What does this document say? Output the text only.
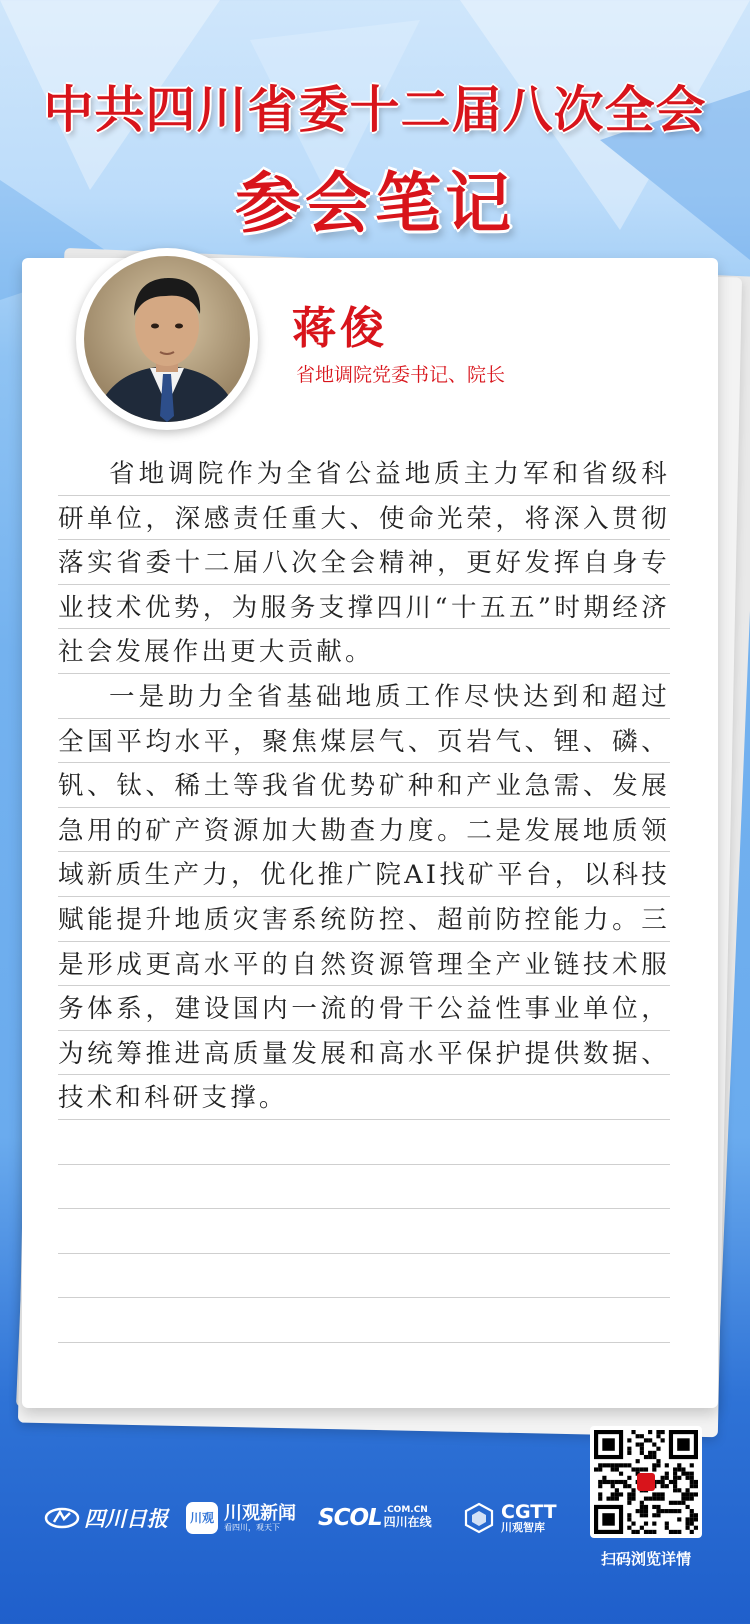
中共四川省委十二届八次全会
参会笔记
蒋俊
省地调院党委书记、院长

省地调院作为全省公益地质主力军和省级科研单位，深感责任重大、使命光荣，将深入贯彻落实省委十二届八次全会精神，更好发挥自身专业技术优势，为服务支撑四川“十五五”时期经济社会发展作出更大贡献。

一是助力全省基础地质工作尽快达到和超过全国平均水平，聚焦煤层气、页岩气、锂、磷、钒、钛、稀土等我省优势矿种和产业急需、发展急用的矿产资源加大勘查力度。二是发展地质领域新质生产力，优化推广院AI找矿平台，以科技赋能提升地质灾害系统防控、超前防控能力。三是形成更高水平的自然资源管理全产业链技术服务体系，建设国内一流的骨干公益性事业单位，为统筹推进高质量发展和高水平保护提供数据、技术和科研支撑。

四川日报	川观 川观新闻
看四川，观天下	SCOL .COM.CN
四川在线	CGTT
川观智库
扫码浏览详情
